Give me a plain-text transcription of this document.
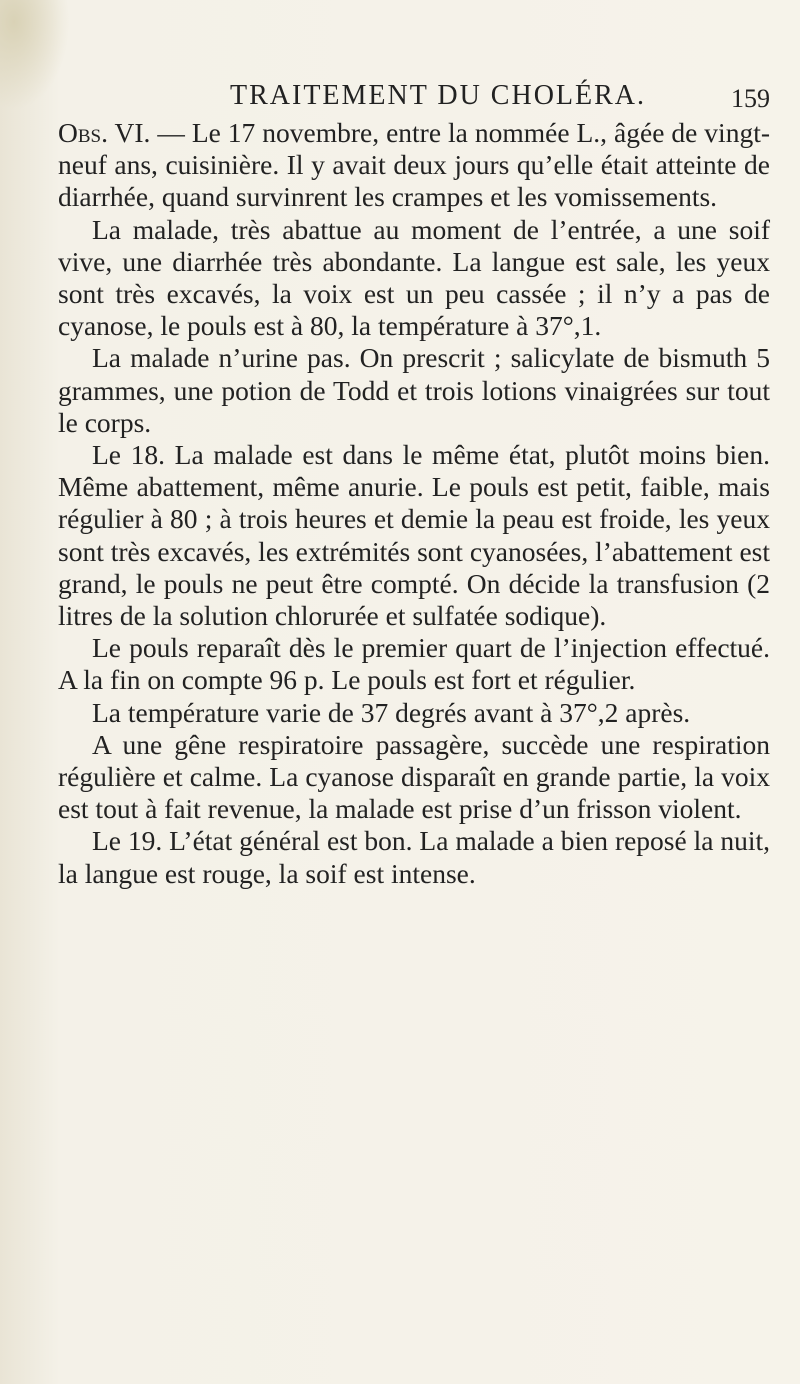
TRAITEMENT DU CHOLÉRA.	159

Obs. VI. — Le 17 novembre, entre la nommée L., âgée de vingt-neuf ans, cuisinière. Il y avait deux jours qu’elle était atteinte de diarrhée, quand survinrent les crampes et les vomissements.

La malade, très abattue au moment de l’entrée, a une soif vive, une diarrhée très abondante. La langue est sale, les yeux sont très excavés, la voix est un peu cassée ; il n’y a pas de cyanose, le pouls est à 80, la température à 37°,1.

La malade n’urine pas. On prescrit ; salicylate de bismuth 5 grammes, une potion de Todd et trois lotions vinaigrées sur tout le corps.

Le 18. La malade est dans le même état, plutôt moins bien. Même abattement, même anurie. Le pouls est petit, faible, mais régulier à 80 ; à trois heures et demie la peau est froide, les yeux sont très excavés, les extrémités sont cyanosées, l’abattement est grand, le pouls ne peut être compté. On décide la transfusion (2 litres de la solution chlorurée et sulfatée sodique).

Le pouls reparaît dès le premier quart de l’injection effectué. A la fin on compte 96 p. Le pouls est fort et régulier.

La température varie de 37 degrés avant à 37°,2 après.

A une gêne respiratoire passagère, succède une respiration régulière et calme. La cyanose disparaît en grande partie, la voix est tout à fait revenue, la malade est prise d’un frisson violent.

Le 19. L’état général est bon. La malade a bien reposé la nuit, la langue est rouge, la soif est intense.
